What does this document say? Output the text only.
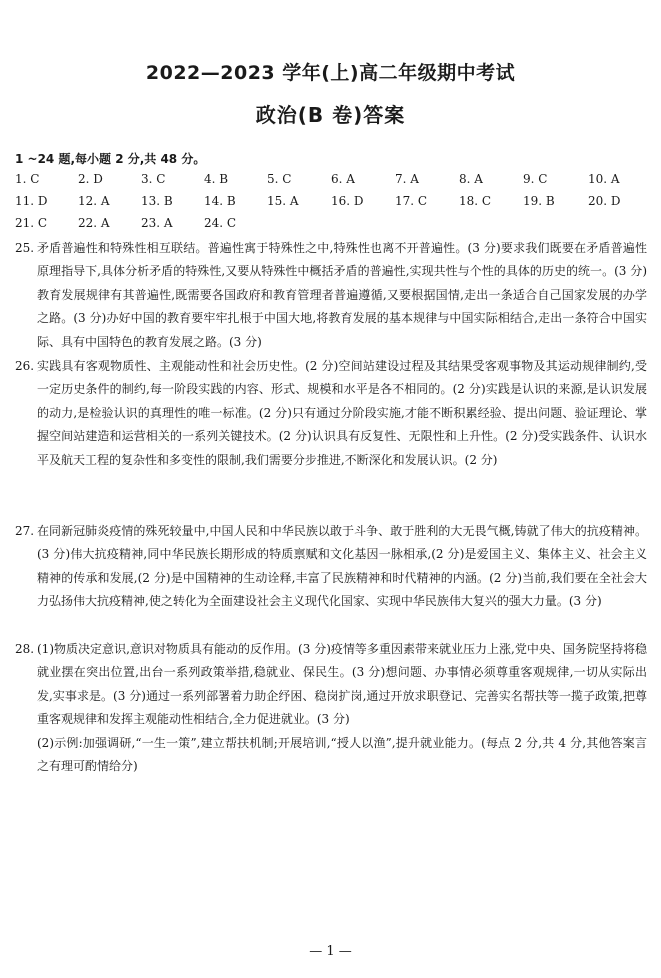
2022—2023 学年(上)高二年级期中考试
政治(B 卷)答案
1 ~24 题,每小题 2 分,共 48 分。
1. C	2. D	3. C	4. B	5. C	6. A	7. A	8. A	9. C	10. A
11. D	12. A	13. B	14. B	15. A	16. D	17. C	18. C	19. B	20. D
21. C	22. A	23. A	24. C
25. 矛盾普遍性和特殊性相互联结。普遍性寓于特殊性之中,特殊性也离不开普遍性。(3 分)要求我们既要在矛盾普遍性原理指导下,具体分析矛盾的特殊性,又要从特殊性中概括矛盾的普遍性,实现共性与个性的具体的历史的统一。(3 分)教育发展规律有其普遍性,既需要各国政府和教育管理者普遍遵循,又要根据国情,走出一条适合自己国家发展的办学之路。(3 分)办好中国的教育要牢牢扎根于中国大地,将教育发展的基本规律与中国实际相结合,走出一条符合中国实际、具有中国特色的教育发展之路。(3 分)
26. 实践具有客观物质性、主观能动性和社会历史性。(2 分)空间站建设过程及其结果受客观事物及其运动规律制约,受一定历史条件的制约,每一阶段实践的内容、形式、规模和水平是各不相同的。(2 分)实践是认识的来源,是认识发展的动力,是检验认识的真理性的唯一标准。(2 分)只有通过分阶段实施,才能不断积累经验、提出问题、验证理论、掌握空间站建造和运营相关的一系列关键技术。(2 分)认识具有反复性、无限性和上升性。(2 分)受实践条件、认识水平及航天工程的复杂性和多变性的限制,我们需要分步推进,不断深化和发展认识。(2 分)
27. 在同新冠肺炎疫情的殊死较量中,中国人民和中华民族以敢于斗争、敢于胜利的大无畏气概,铸就了伟大的抗疫精神。(3 分)伟大抗疫精神,同中华民族长期形成的特质禀赋和文化基因一脉相承,(2 分)是爱国主义、集体主义、社会主义精神的传承和发展,(2 分)是中国精神的生动诠释,丰富了民族精神和时代精神的内涵。(2 分)当前,我们要在全社会大力弘扬伟大抗疫精神,使之转化为全面建设社会主义现代化国家、实现中华民族伟大复兴的强大力量。(3 分)
28. (1)物质决定意识,意识对物质具有能动的反作用。(3 分)疫情等多重因素带来就业压力上涨,党中央、国务院坚持将稳就业摆在突出位置,出台一系列政策举措,稳就业、保民生。(3 分)想问题、办事情必须尊重客观规律,一切从实际出发,实事求是。(3 分)通过一系列部署着力助企纾困、稳岗扩岗,通过开放求职登记、完善实名帮扶等一揽子政策,把尊重客观规律和发挥主观能动性相结合,全力促进就业。(3 分)
(2)示例:加强调研,“一生一策”,建立帮扶机制;开展培训,“授人以渔”,提升就业能力。(每点 2 分,共 4 分,其他答案言之有理可酌情给分)
— 1 —
